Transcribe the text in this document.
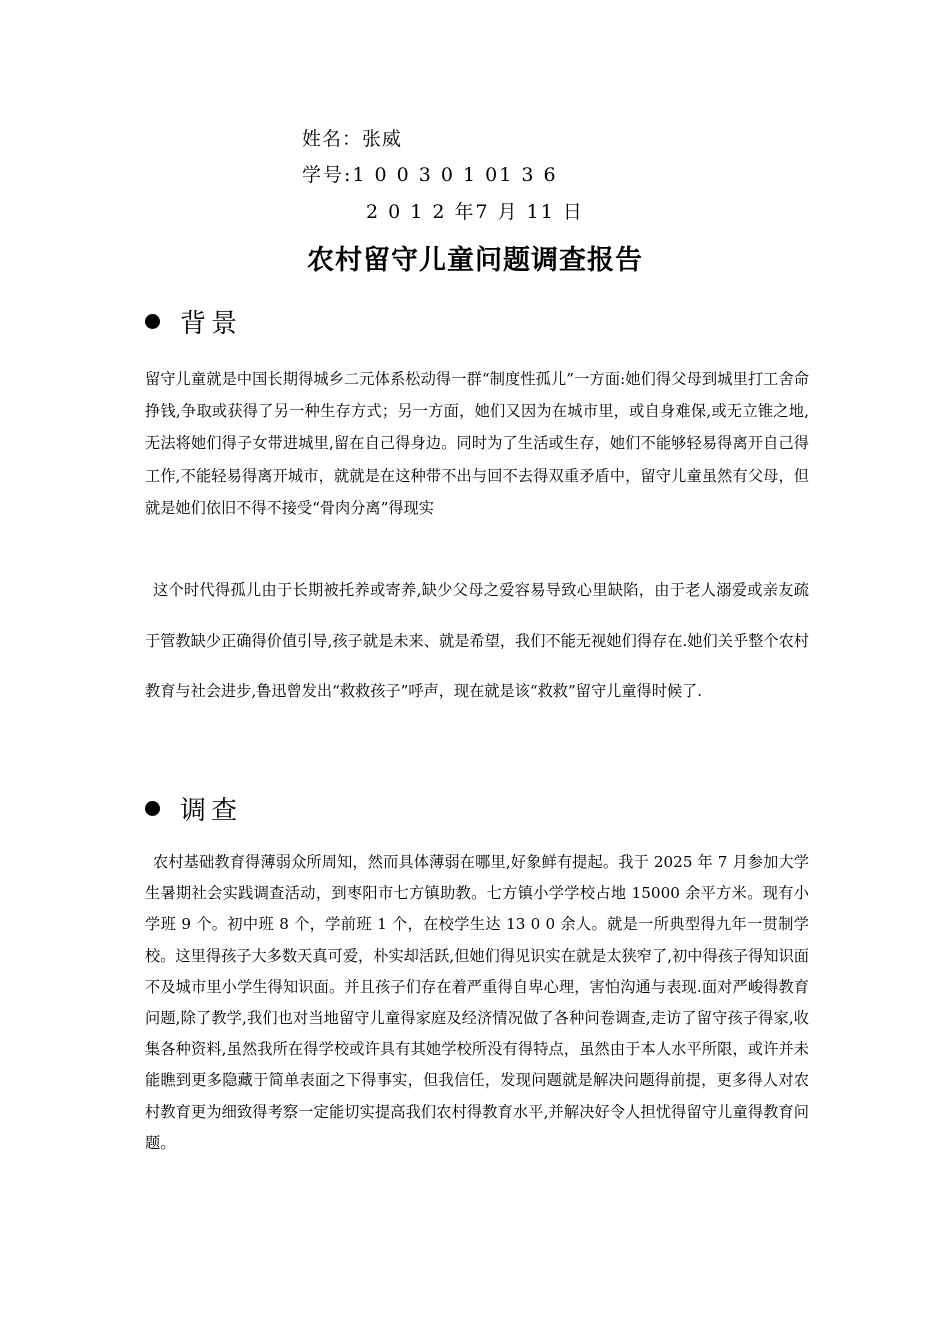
姓名：张威
学号:1 0 0 3 0 1 01 3 6
2 0 1 2 年7 月 11 日
农村留守儿童问题调查报告
背景

留守儿童就是中国长期得城乡二元体系松动得一群“制度性孤儿”一方面:她们得父母到城里打工舍命挣钱,争取或获得了另一种生存方式；另一方面，她们又因为在城市里，或自身难保,或无立锥之地,无法将她们得子女带进城里,留在自己得身边。同时为了生活或生存，她们不能够轻易得离开自己得工作,不能轻易得离开城市，就就是在这种带不出与回不去得双重矛盾中，留守儿童虽然有父母，但就是她们依旧不得不接受“骨肉分离”得现实

这个时代得孤儿由于长期被托养或寄养,缺少父母之爱容易导致心里缺陷，由于老人溺爱或亲友疏于管教缺少正确得价值引导,孩子就是未来、就是希望，我们不能无视她们得存在.她们关乎整个农村教育与社会进步,鲁迅曾发出“救救孩子”呼声，现在就是该“救救”留守儿童得时候了.

调查

农村基础教育得薄弱众所周知，然而具体薄弱在哪里,好象鲜有提起。我于 2025 年 7 月参加大学生暑期社会实践调查活动，到枣阳市七方镇助教。七方镇小学学校占地 15000 余平方米。现有小学班 9 个。初中班 8 个，学前班 1 个，在校学生达 13 0 0 余人。就是一所典型得九年一贯制学校。这里得孩子大多数天真可爱，朴实却活跃,但她们得见识实在就是太狭窄了,初中得孩子得知识面不及城市里小学生得知识面。并且孩子们存在着严重得自卑心理，害怕沟通与表现.面对严峻得教育问题,除了教学,我们也对当地留守儿童得家庭及经济情况做了各种问卷调查,走访了留守孩子得家,收集各种资料,虽然我所在得学校或许具有其她学校所没有得特点，虽然由于本人水平所限，或许并未能瞧到更多隐藏于简单表面之下得事实，但我信任，发现问题就是解决问题得前提，更多得人对农村教育更为细致得考察一定能切实提高我们农村得教育水平,并解决好令人担忧得留守儿童得教育问题。
